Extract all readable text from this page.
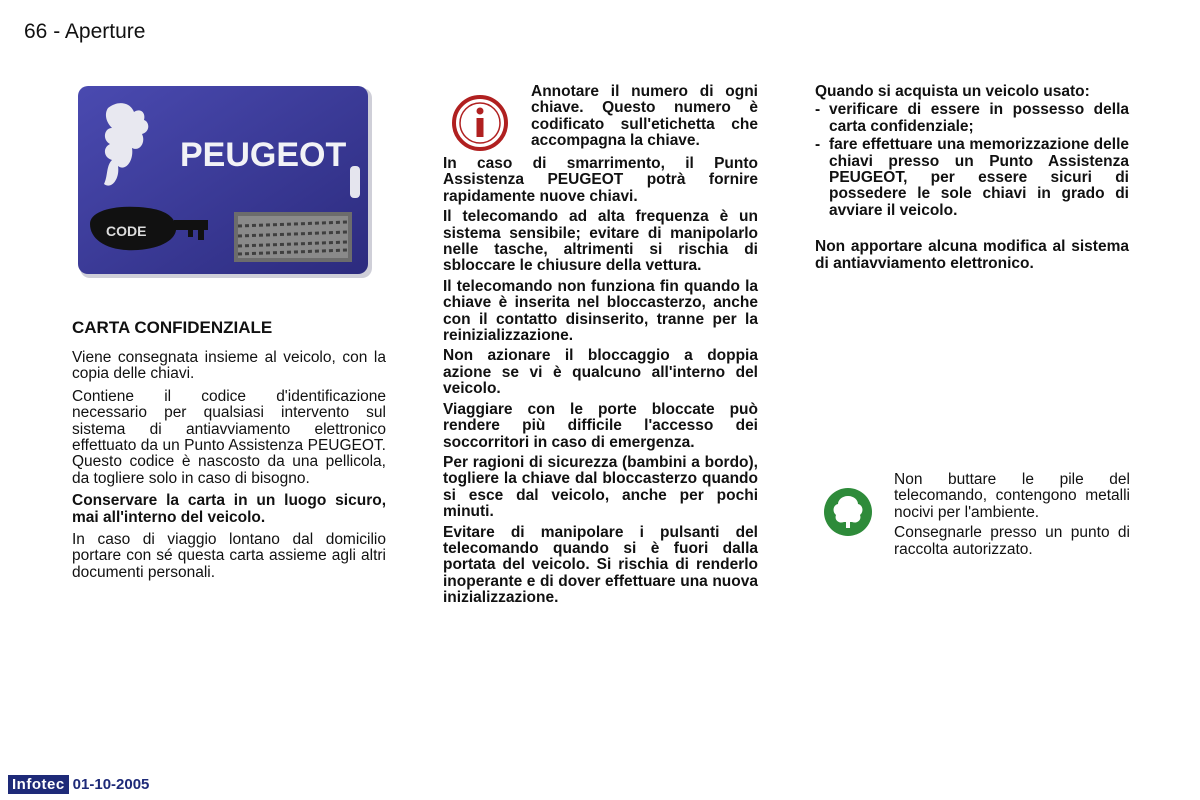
66 - Aperture
PEUGEOT
CODE
CARTA CONFIDENZIALE

Viene consegnata insieme al veicolo, con la copia delle chiavi.

Contiene il codice d'identificazione necessario per qualsiasi intervento sul sistema di antiavviamento elettronico effettuato da un Punto Assistenza PEUGEOT. Questo codice è nascosto da una pellicola, da togliere solo in caso di bisogno.

Conservare la carta in un luogo sicuro, mai all'interno del veicolo.

In caso di viaggio lontano dal domicilio portare con sé questa carta assieme agli altri documenti personali.

Annotare il numero di ogni chiave. Questo numero è codificato sull'etichetta che accompagna la chiave.

In caso di smarrimento, il Punto Assistenza PEUGEOT potrà fornire rapidamente nuove chiavi.

Il telecomando ad alta frequenza è un sistema sensibile; evitare di manipolarlo nelle tasche, altrimenti si rischia di sbloccare le chiusure della vettura.

Il telecomando non funziona fin quando la chiave è inserita nel bloccasterzo, anche con il contatto disinserito, tranne per la reinizializzazione.

Non azionare il bloccaggio a doppia azione se vi è qualcuno all'interno del veicolo.

Viaggiare con le porte bloccate può rendere più difficile l'accesso dei soccorritori in caso di emergenza.

Per ragioni di sicurezza (bambini a bordo), togliere la chiave dal bloccasterzo quando si esce dal veicolo, anche per pochi minuti.

Evitare di manipolare i pulsanti del telecomando quando si è fuori dalla portata del veicolo. Si rischia di renderlo inoperante e di dover effettuare una nuova inizializzazione.

Quando si acquista un veicolo usato:
- verificare di essere in possesso della carta confidenziale;
- fare effettuare una memorizzazione delle chiavi presso un Punto Assistenza PEUGEOT, per essere sicuri di possedere le sole chiavi in grado di avviare il veicolo.
Non apportare alcuna modifica al sistema di antiavviamento elettronico.

Non buttare le pile del telecomando, contengono metalli nocivi per l'ambiente.

Consegnarle presso un punto di raccolta autorizzato.

Infotec 01-10-2005
